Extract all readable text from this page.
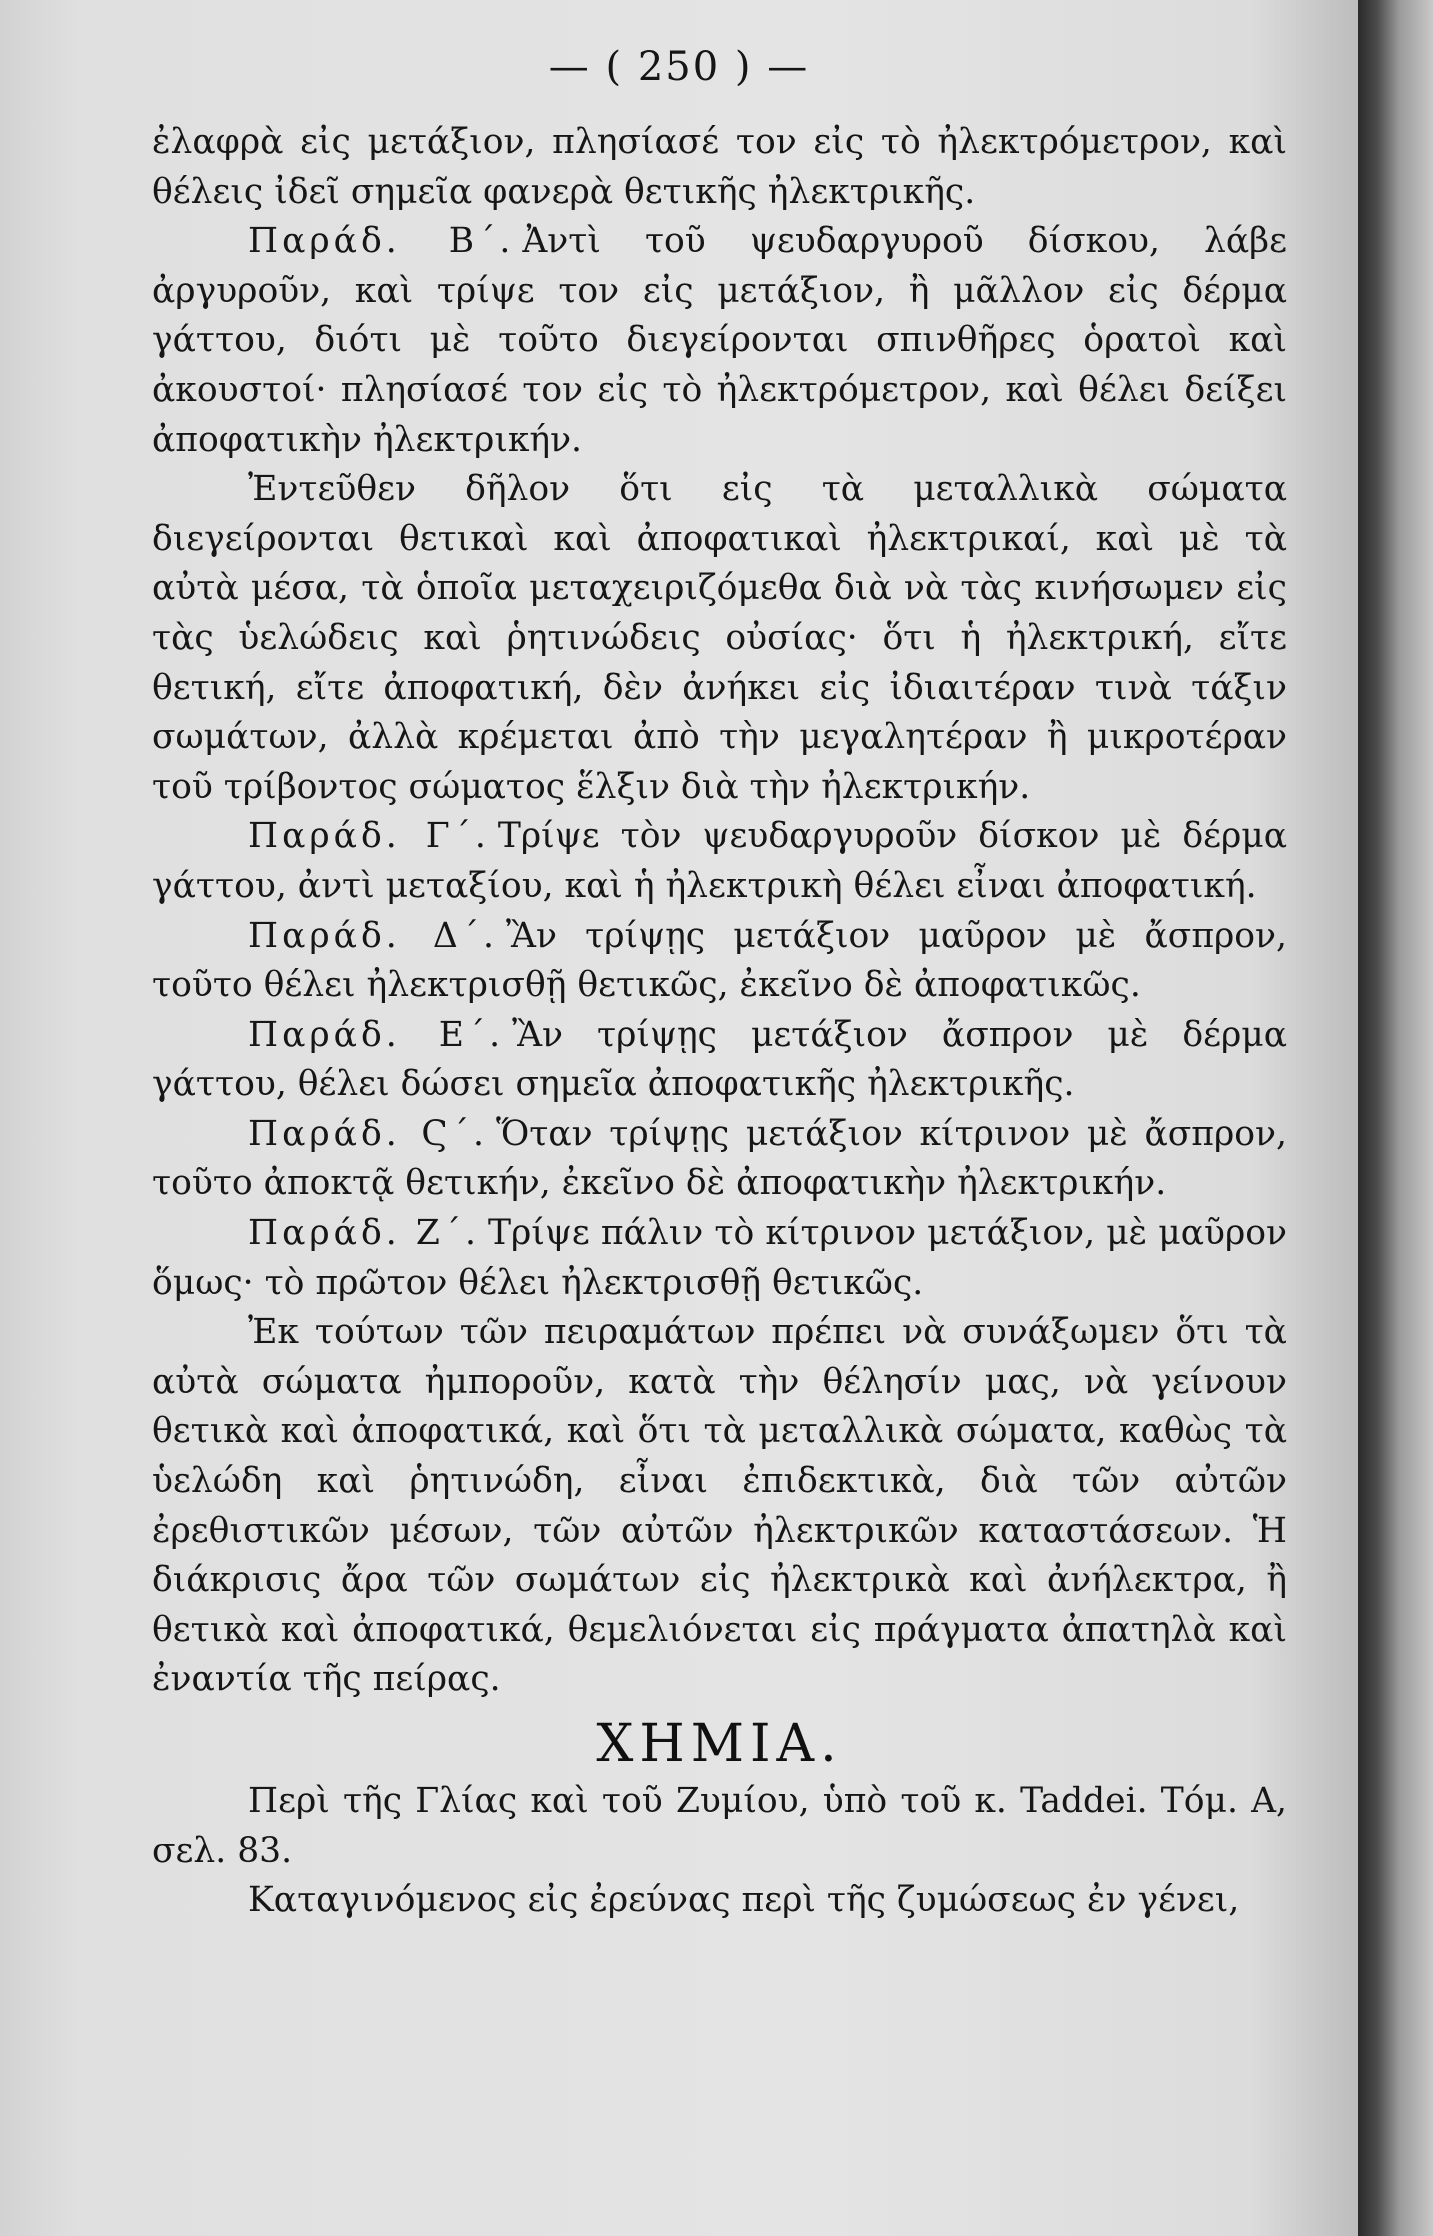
— ( 250 ) —

ἐλαφρὰ εἰς μετάξιον, πλησίασέ τον εἰς τὸ ἠλεκτρόμετρον, καὶ θέλεις ἰδεῖ σημεῖα φανερὰ θετικῆς ἠλεκτρικῆς.

Παράδ. Β΄. Ἀντὶ τοῦ ψευδαργυροῦ δίσκου, λάβε ἀργυροῦν, καὶ τρίψε τον εἰς μετάξιον, ἢ μᾶλλον εἰς δέρμα γάττου, διότι μὲ τοῦτο διεγείρονται σπινθῆρες ὁρατοὶ καὶ ἀκουστοί· πλησίασέ τον εἰς τὸ ἠλεκτρόμετρον, καὶ θέλει δείξει ἀποφατικὴν ἠλεκτρικήν.

Ἐντεῦθεν δῆλον ὅτι εἰς τὰ μεταλλικὰ σώματα διεγείρονται θετικαὶ καὶ ἀποφατικαὶ ἠλεκτρικαί, καὶ μὲ τὰ αὐτὰ μέσα, τὰ ὁποῖα μεταχειριζόμεθα διὰ νὰ τὰς κινήσωμεν εἰς τὰς ὑελώδεις καὶ ῥητινώδεις οὐσίας· ὅτι ἡ ἠλεκτρική, εἴτε θετική, εἴτε ἀποφατική, δὲν ἀνήκει εἰς ἰδιαιτέραν τινὰ τάξιν σωμάτων, ἀλλὰ κρέμεται ἀπὸ τὴν μεγαλητέραν ἢ μικροτέραν τοῦ τρίβοντος σώματος ἕλξιν διὰ τὴν ἠλεκτρικήν.

Παράδ. Γ΄. Τρίψε τὸν ψευδαργυροῦν δίσκον μὲ δέρμα γάττου, ἀντὶ μεταξίου, καὶ ἡ ἠλεκτρικὴ θέλει εἶναι ἀποφατική.

Παράδ. Δ΄. Ἂν τρίψῃς μετάξιον μαῦρον μὲ ἄσπρον, τοῦτο θέλει ἠλεκτρισθῇ θετικῶς, ἐκεῖνο δὲ ἀποφατικῶς.

Παράδ. Ε΄. Ἂν τρίψῃς μετάξιον ἄσπρον μὲ δέρμα γάττου, θέλει δώσει σημεῖα ἀποφατικῆς ἠλεκτρικῆς.

Παράδ. Ϛ΄. Ὅταν τρίψῃς μετάξιον κίτρινον μὲ ἄσπρον, τοῦτο ἀποκτᾷ θετικήν, ἐκεῖνο δὲ ἀποφατικὴν ἠλεκτρικήν.

Παράδ. Ζ΄. Τρίψε πάλιν τὸ κίτρινον μετάξιον, μὲ μαῦρον ὅμως· τὸ πρῶτον θέλει ἠλεκτρισθῇ θετικῶς.

Ἐκ τούτων τῶν πειραμάτων πρέπει νὰ συνάξωμεν ὅτι τὰ αὐτὰ σώματα ἠμποροῦν, κατὰ τὴν θέλησίν μας, νὰ γείνουν θετικὰ καὶ ἀποφατικά, καὶ ὅτι τὰ μεταλλικὰ σώματα, καθὼς τὰ ὑελώδη καὶ ῥητινώδη, εἶναι ἐπιδεκτικὰ, διὰ τῶν αὐτῶν ἐρεθιστικῶν μέσων, τῶν αὐτῶν ἠλεκτρικῶν καταστάσεων. Ἡ διάκρισις ἄρα τῶν σωμάτων εἰς ἠλεκτρικὰ καὶ ἀνήλεκτρα, ἢ θετικὰ καὶ ἀποφατικά, θεμελιόνεται εἰς πράγματα ἀπατηλὰ καὶ ἐναντία τῆς πείρας.

ΧΗΜΙΑ.

Περὶ τῆς Γλίας καὶ τοῦ Ζυμίου, ὑπὸ τοῦ κ. Taddei. Τόμ. Α, σελ. 83.

Καταγινόμενος εἰς ἐρεύνας περὶ τῆς ζυμώσεως ἐν γένει,
